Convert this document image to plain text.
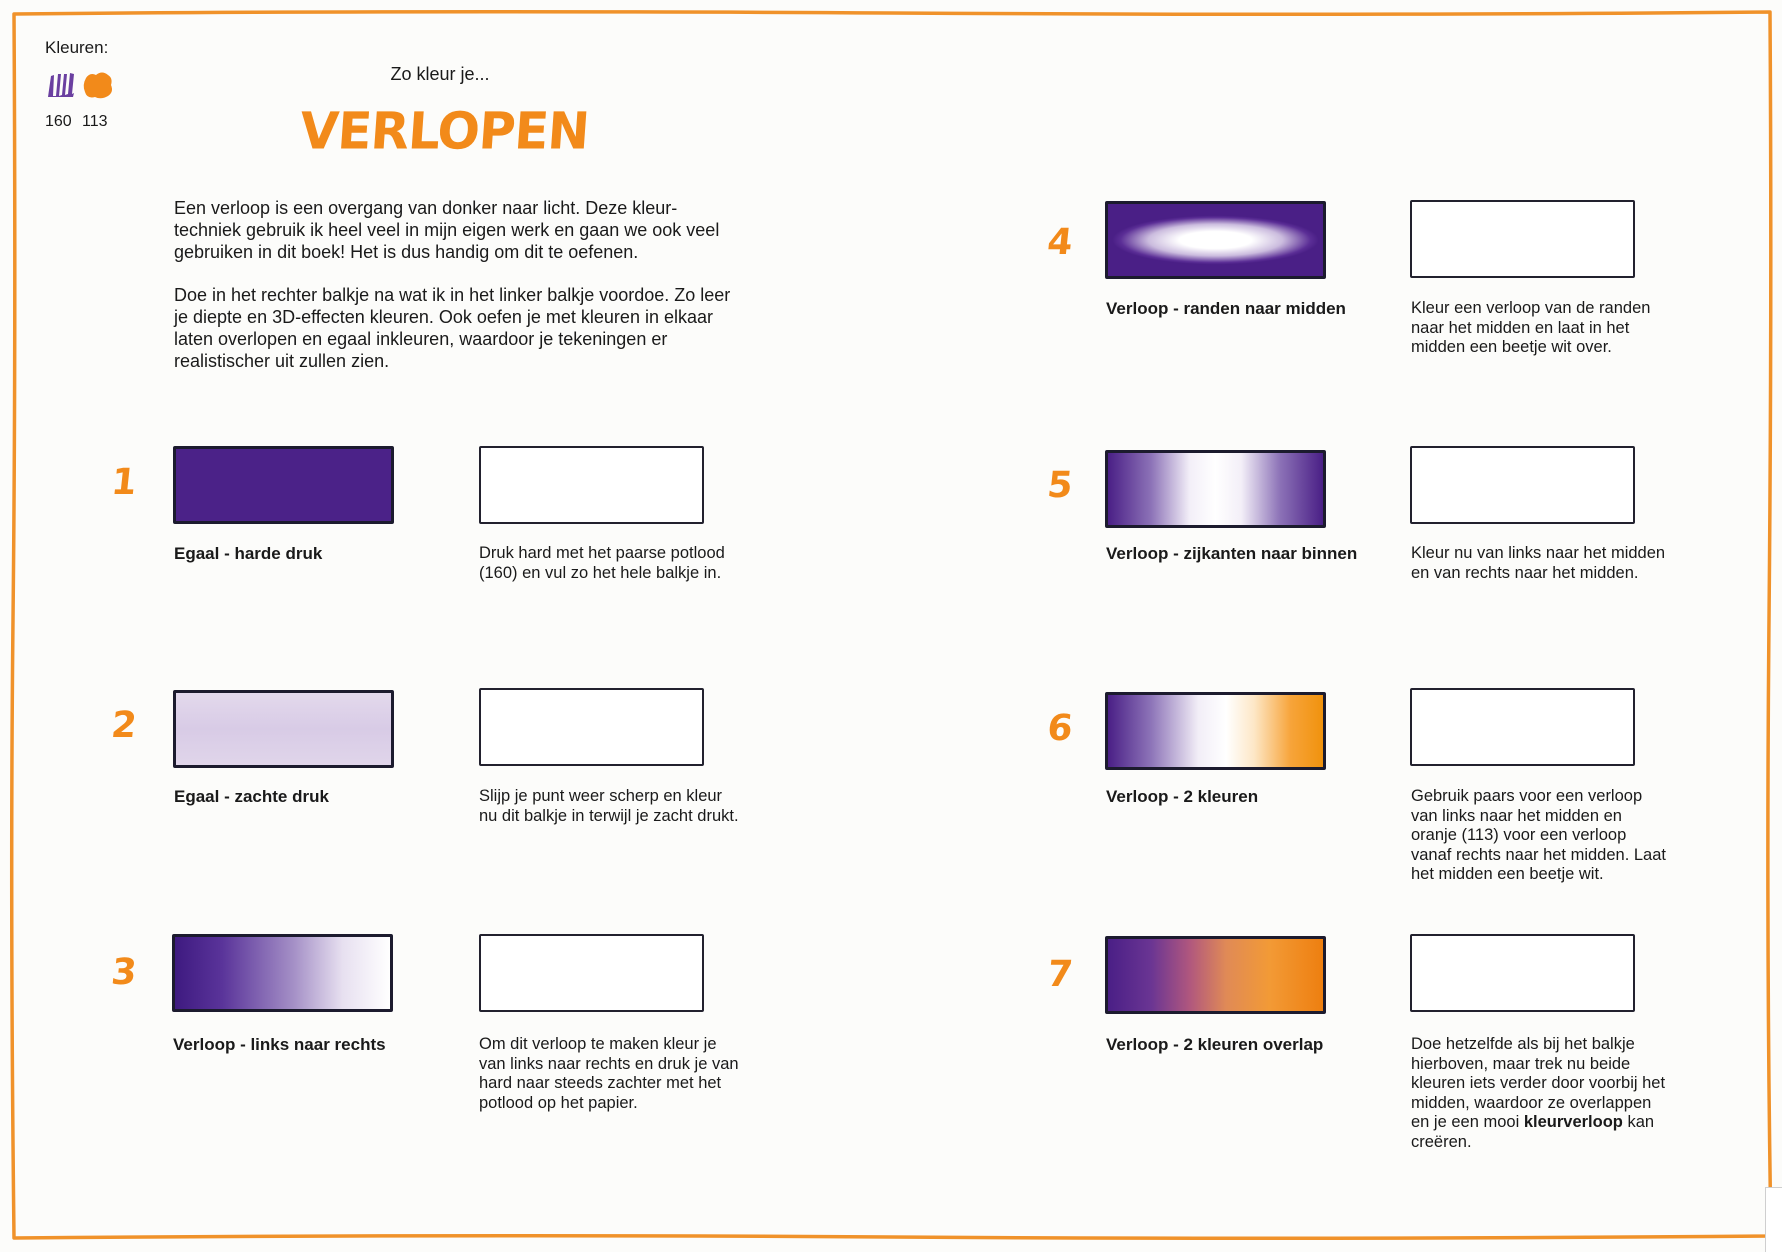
Kleuren:
160 113
Zo kleur je...
VERLOPEN
Een verloop is een overgang van donker naar licht. Deze kleur-techniek gebruik ik heel veel in mijn eigen werk en gaan we ook veel gebruiken in dit boek! Het is dus handig om dit te oefenen.
Doe in het rechter balkje na wat ik in het linker balkje voordoe. Zo leer je diepte en 3D-effecten kleuren. Ook oefen je met kleuren in elkaar laten overlopen en egaal inkleuren, waardoor je tekeningen er realistischer uit zullen zien.
1
Egaal - harde druk	Druk hard met het paarse potlood (160) en vul zo het hele balkje in.
2
Egaal - zachte druk	Slijp je punt weer scherp en kleur nu dit balkje in terwijl je zacht drukt.
3
Verloop - links naar rechts	Om dit verloop te maken kleur je van links naar rechts en druk je van hard naar steeds zachter met het potlood op het papier.
4
Verloop - randen naar midden	Kleur een verloop van de randen naar het midden en laat in het midden een beetje wit over.
5
Verloop - zijkanten naar binnen	Kleur nu van links naar het midden en van rechts naar het midden.
6
Verloop - 2 kleuren	Gebruik paars voor een verloop van links naar het midden en oranje (113) voor een verloop vanaf rechts naar het midden. Laat het midden een beetje wit.
7
Verloop - 2 kleuren overlap	Doe hetzelfde als bij het balkje hierboven, maar trek nu beide kleuren iets verder door voorbij het midden, waardoor ze overlappen en je een mooi kleurverloop kan creëren.
